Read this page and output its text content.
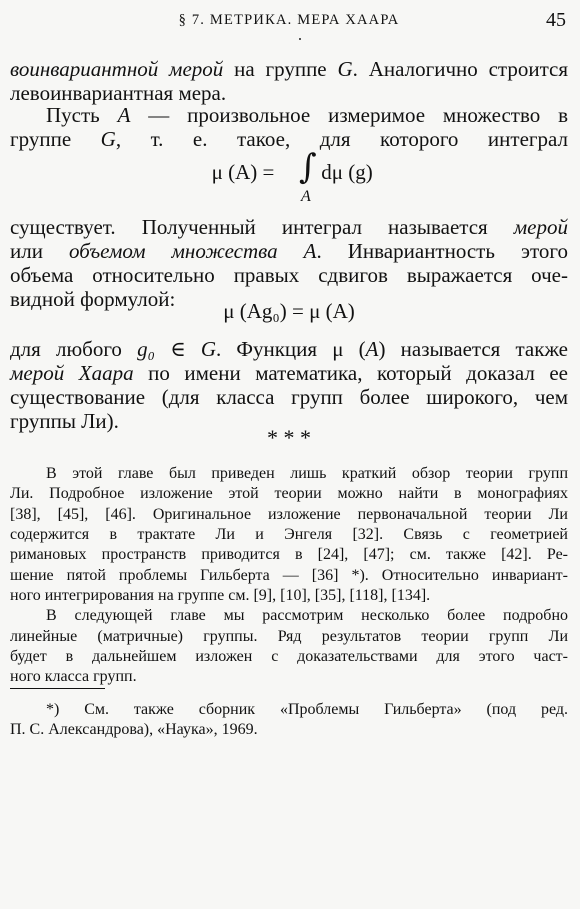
§ 7. МЕТРИКА. МЕРА ХААРА	45
воинвариантной мерой на группе G. Аналогично строится
левоинвариантная мера.
Пусть A — произвольное измеримое множество в
группе G, т. е. такое, для которого интеграл
μ (A) = ∫ dμ (g)
A
существует. Полученный интеграл называется мерой
или объемом множества A. Инвариантность этого
объема относительно правых сдвигов выражается оче-
видной формулой:	μ (Ag₀) = μ (A)
для любого g₀ ∈ G. Функция μ (A) называется также
мерой Хаара по имени математика, который доказал ее
существование (для класса групп более широкого, чем
группы Ли).
* * *
В этой главе был приведен лишь краткий обзор теории групп
Ли. Подробное изложение этой теории можно найти в монографиях
[38], [45], [46]. Оригинальное изложение первоначальной теории Ли
содержится в трактате Ли и Энгеля [32]. Связь с геометрией
римановых пространств приводится в [24], [47]; см. также [42]. Ре-
шение пятой проблемы Гильберта — [36] *). Относительно инвариант-
ного интегрирования на группе см. [9], [10], [35], [118], [134].
В следующей главе мы рассмотрим несколько более подробно
линейные (матричные) группы. Ряд результатов теории групп Ли
будет в дальнейшем изложен с доказательствами для этого част-
ного класса групп.
*) См. также сборник «Проблемы Гильберта» (под ред.
П. С. Александрова), «Наука», 1969.
